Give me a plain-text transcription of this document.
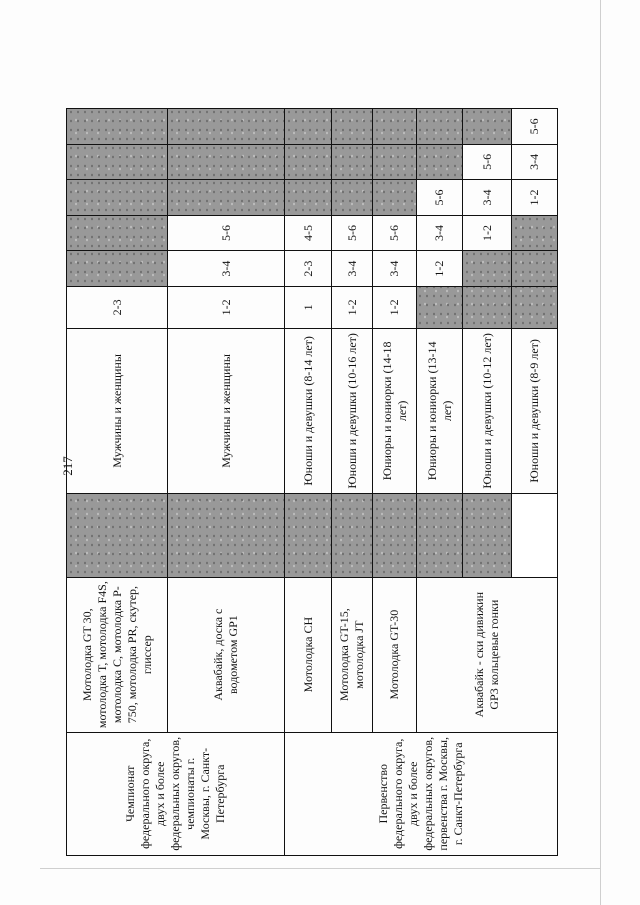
217
Чемпионат федерального округа, двух и более федеральных округов, чемпионаты г. Москвы, г. Санкт-Петербурга	Мотолодка GT 30, мотолодка T, мотолодка F4S, мотолодка C, мотолодка P-750, мотолодка PR, скутер, глиссер		Мужчины и женщины	2-3					
	Аквабайк, доска с водометом GP1		Мужчины и женщины	1-2	3-4	5-6			
Первенство федерального округа, двух и более федеральных округов, первенства г. Москвы, г. Санкт-Петербурга	Мотолодка CH		Юноши и девушки (8-14 лет)	1	2-3	4-5			
	Мотолодка GT-15, мотолодка JT		Юноши и девушки (10-16 лет)	1-2	3-4	5-6			
	Мотолодка GT-30		Юниоры и юниорки (14-18 лет)	1-2	3-4	5-6			
	Аквабайк - ски дивижин GP3 кольцевые гонки		Юниоры и юниорки (13-14 лет)		1-2	3-4	5-6		
			Юноши и девушки (10-12 лет)			1-2	3-4	5-6	
			Юноши и девушки (8-9 лет)				1-2	3-4	5-6
